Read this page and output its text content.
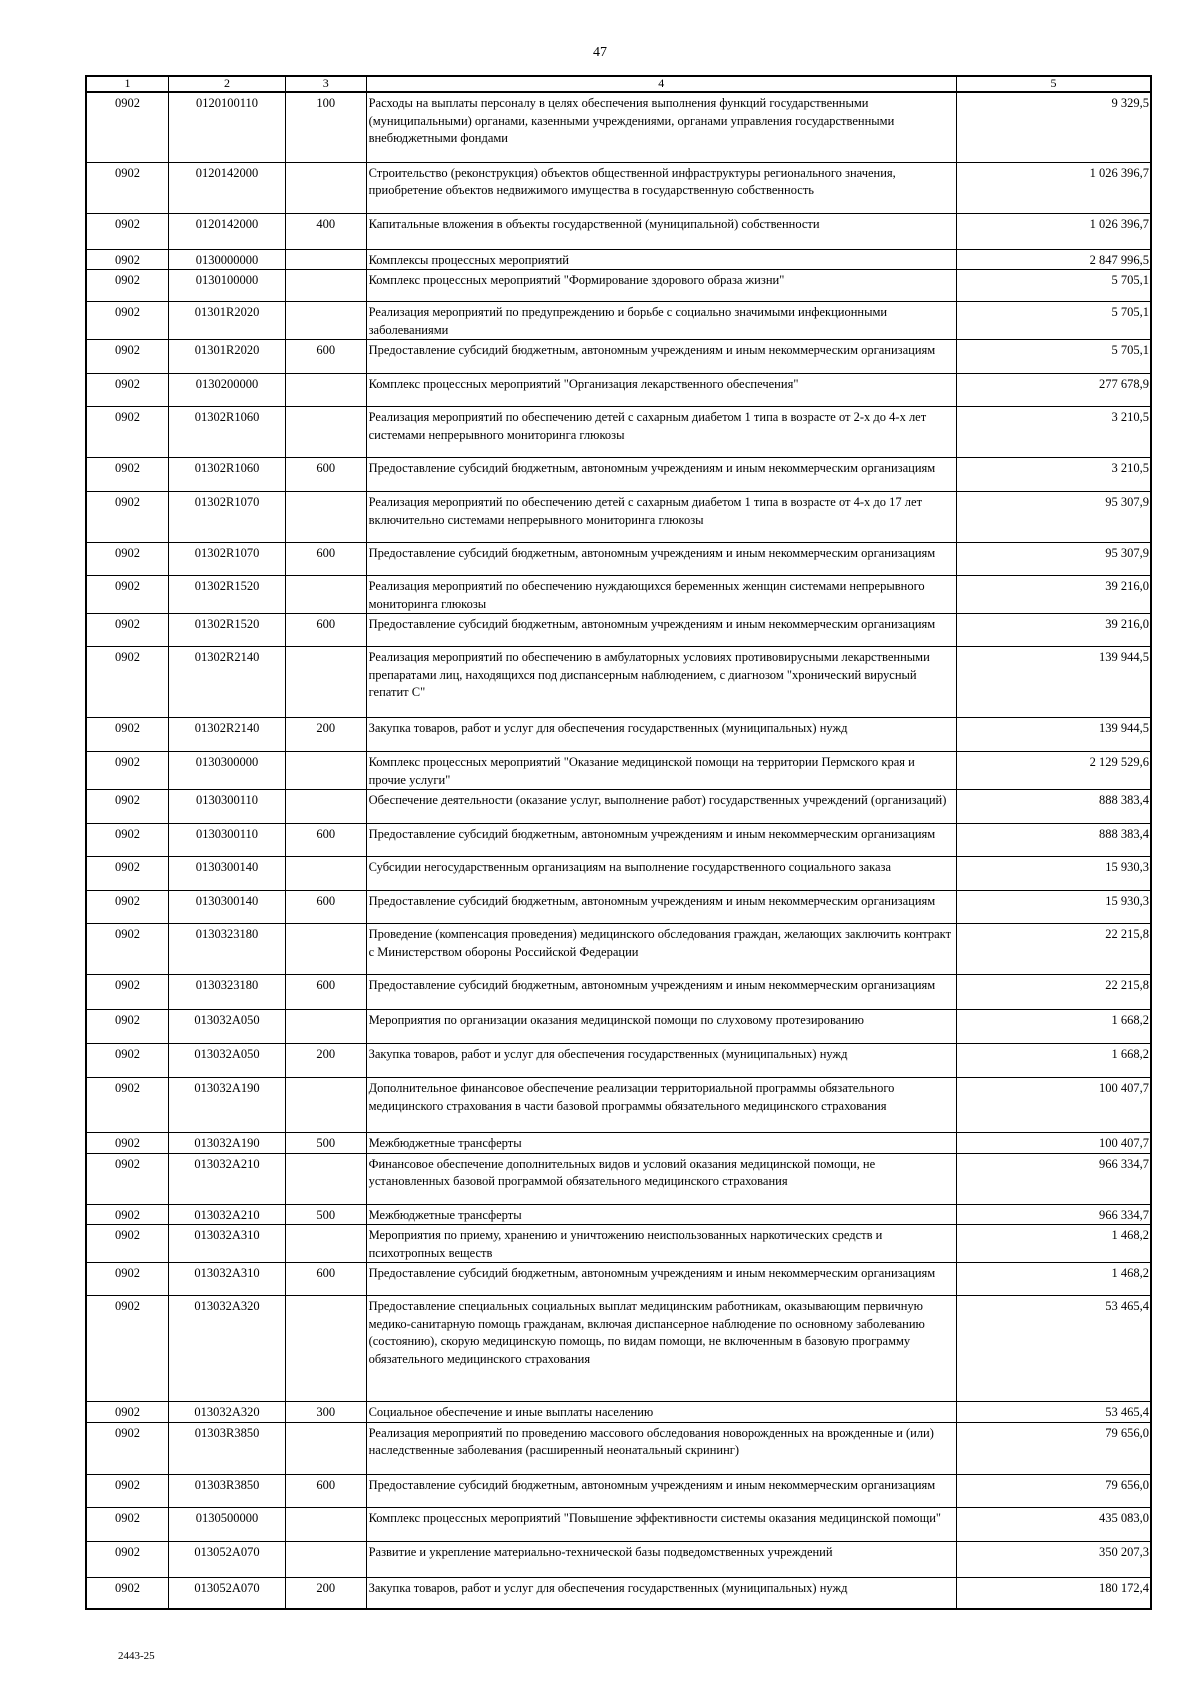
47
1	2	3	4	5
0902	0120100110	100	Расходы на выплаты персоналу в целях обеспечения выполнения функций государственными (муниципальными) органами, казенными учреждениями, органами управления государственными внебюджетными фондами	9 329,5
0902	0120142000		Строительство (реконструкция) объектов общественной инфраструктуры регионального значения, приобретение объектов недвижимого имущества в государственную собственность	1 026 396,7
0902	0120142000	400	Капитальные вложения в объекты государственной (муниципальной) собственности	1 026 396,7
0902	0130000000		Комплексы процессных мероприятий	2 847 996,5
0902	0130100000		Комплекс процессных мероприятий "Формирование здорового образа жизни"	5 705,1
0902	01301R2020		Реализация мероприятий по предупреждению и борьбе с социально значимыми инфекционными заболеваниями	5 705,1
0902	01301R2020	600	Предоставление субсидий бюджетным, автономным учреждениям и иным некоммерческим организациям	5 705,1
0902	0130200000		Комплекс процессных мероприятий "Организация лекарственного обеспечения"	277 678,9
0902	01302R1060		Реализация мероприятий по обеспечению детей с сахарным диабетом 1 типа в возрасте от 2-х до 4-х лет системами непрерывного мониторинга глюкозы	3 210,5
0902	01302R1060	600	Предоставление субсидий бюджетным, автономным учреждениям и иным некоммерческим организациям	3 210,5
0902	01302R1070		Реализация мероприятий по обеспечению детей с сахарным диабетом 1 типа в возрасте от 4-х до 17 лет включительно системами непрерывного мониторинга глюкозы	95 307,9
0902	01302R1070	600	Предоставление субсидий бюджетным, автономным учреждениям и иным некоммерческим организациям	95 307,9
0902	01302R1520		Реализация мероприятий по обеспечению нуждающихся беременных женщин системами непрерывного мониторинга глюкозы	39 216,0
0902	01302R1520	600	Предоставление субсидий бюджетным, автономным учреждениям и иным некоммерческим организациям	39 216,0
0902	01302R2140		Реализация мероприятий по обеспечению в амбулаторных условиях противовирусными лекарственными препаратами лиц, находящихся под диспансерным наблюдением, с диагнозом "хронический вирусный гепатит С"	139 944,5
0902	01302R2140	200	Закупка товаров, работ и услуг для обеспечения государственных (муниципальных) нужд	139 944,5
0902	0130300000		Комплекс процессных мероприятий "Оказание медицинской помощи на территории Пермского края и прочие услуги"	2 129 529,6
0902	0130300110		Обеспечение деятельности (оказание услуг, выполнение работ) государственных учреждений (организаций)	888 383,4
0902	0130300110	600	Предоставление субсидий бюджетным, автономным учреждениям и иным некоммерческим организациям	888 383,4
0902	0130300140		Субсидии негосударственным организациям на выполнение государственного социального заказа	15 930,3
0902	0130300140	600	Предоставление субсидий бюджетным, автономным учреждениям и иным некоммерческим организациям	15 930,3
0902	0130323180		Проведение (компенсация проведения) медицинского обследования граждан, желающих заключить контракт с Министерством обороны Российской Федерации	22 215,8
0902	0130323180	600	Предоставление субсидий бюджетным, автономным учреждениям и иным некоммерческим организациям	22 215,8
0902	013032А050		Мероприятия по организации оказания медицинской помощи по слуховому протезированию	1 668,2
0902	013032А050	200	Закупка товаров, работ и услуг для обеспечения государственных (муниципальных) нужд	1 668,2
0902	013032А190		Дополнительное финансовое обеспечение реализации территориальной программы обязательного медицинского страхования в части базовой программы обязательного медицинского страхования	100 407,7
0902	013032А190	500	Межбюджетные трансферты	100 407,7
0902	013032А210		Финансовое обеспечение дополнительных видов и условий оказания медицинской помощи, не установленных базовой программой обязательного медицинского страхования	966 334,7
0902	013032А210	500	Межбюджетные трансферты	966 334,7
0902	013032А310		Мероприятия по приему, хранению и уничтожению неиспользованных наркотических средств и психотропных веществ	1 468,2
0902	013032А310	600	Предоставление субсидий бюджетным, автономным учреждениям и иным некоммерческим организациям	1 468,2
0902	013032А320		Предоставление специальных социальных выплат медицинским работникам, оказывающим первичную медико-санитарную помощь гражданам, включая диспансерное наблюдение по основному заболеванию (состоянию), скорую медицинскую помощь, по видам помощи, не включенным в базовую программу обязательного медицинского страхования	53 465,4
0902	013032А320	300	Социальное обеспечение и иные выплаты населению	53 465,4
0902	01303R3850		Реализация мероприятий по проведению массового обследования новорожденных на врожденные и (или) наследственные заболевания (расширенный неонатальный скрининг)	79 656,0
0902	01303R3850	600	Предоставление субсидий бюджетным, автономным учреждениям и иным некоммерческим организациям	79 656,0
0902	0130500000		Комплекс процессных мероприятий "Повышение эффективности системы оказания медицинской помощи"	435 083,0
0902	013052А070		Развитие и укрепление материально-технической базы подведомственных учреждений	350 207,3
0902	013052А070	200	Закупка товаров, работ и услуг для обеспечения государственных (муниципальных) нужд	180 172,4
2443-25
